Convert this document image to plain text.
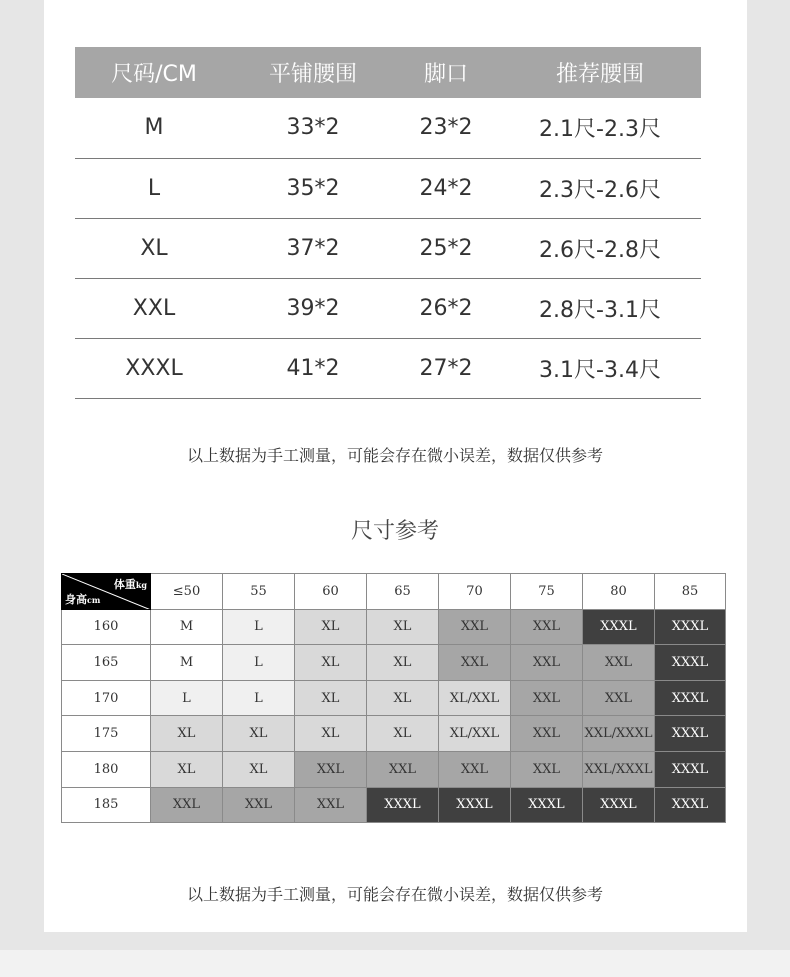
尺码/CM	平铺腰围	脚口	推荐腰围
M	33*2	23*2	2.1尺-2.3尺
L	35*2	24*2	2.3尺-2.6尺
XL	37*2	25*2	2.6尺-2.8尺
XXL	39*2	26*2	2.8尺-3.1尺
XXXL	41*2	27*2	3.1尺-3.4尺
以上数据为手工测量，可能会存在微小误差，数据仅供参考
尺寸参考
体重kg
身高cm	≤50	55	60	65	70	75	80	85
160	M	L	XL	XL	XXL	XXL	XXXL	XXXL
165	M	L	XL	XL	XXL	XXL	XXL	XXXL
170	L	L	XL	XL	XL/XXL	XXL	XXL	XXXL
175	XL	XL	XL	XL	XL/XXL	XXL	XXL/XXXL	XXXL
180	XL	XL	XXL	XXL	XXL	XXL	XXL/XXXL	XXXL
185	XXL	XXL	XXL	XXXL	XXXL	XXXL	XXXL	XXXL
以上数据为手工测量，可能会存在微小误差，数据仅供参考
